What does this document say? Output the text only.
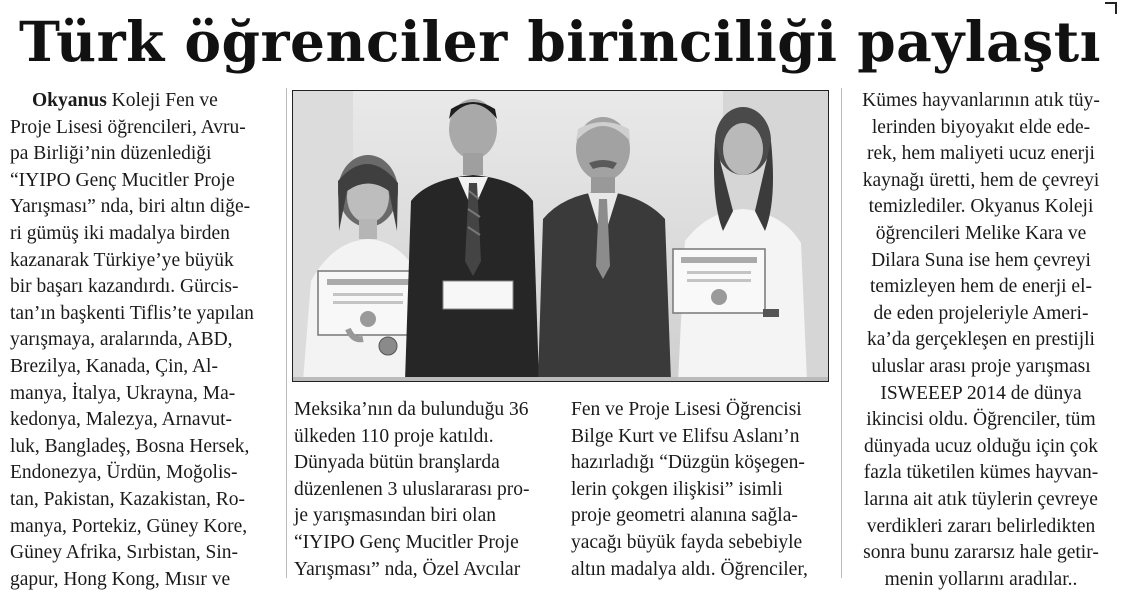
Türk öğrenciler birinciliği paylaştı
Okyanus Koleji Fen ve
Proje Lisesi öğrencileri, Avru-
pa Birliği’nin düzenlediği
“IYIPO Genç Mucitler Proje
Yarışması” nda, biri altın diğe-
ri gümüş iki madalya birden
kazanarak Türkiye’ye büyük
bir başarı kazandırdı. Gürcis-
tan’ın başkenti Tiflis’te yapılan
yarışmaya, aralarında, ABD,
Brezilya, Kanada, Çin, Al-
manya, İtalya, Ukrayna, Ma-
kedonya, Malezya, Arnavut-
luk, Bangladeş, Bosna Hersek,
Endonezya, Ürdün, Moğolis-
tan, Pakistan, Kazakistan, Ro-
manya, Portekiz, Güney Kore,
Güney Afrika, Sırbistan, Sin-
gapur, Hong Kong, Mısır ve
Meksika’nın da bulunduğu 36
ülkeden 110 proje katıldı.
Dünyada bütün branşlarda
düzenlenen 3 uluslararası pro-
je yarışmasından biri olan
“IYIPO Genç Mucitler Proje
Yarışması” nda, Özel Avcılar
Fen ve Proje Lisesi Öğrencisi
Bilge Kurt ve Elifsu Aslanı’n
hazırladığı “Düzgün köşegen-
lerin çokgen ilişkisi” isimli
proje geometri alanına sağla-
yacağı büyük fayda sebebiyle
altın madalya aldı. Öğrenciler,
Kümes hayvanlarının atık tüy-
lerinden biyoyakıt elde ede-
rek, hem maliyeti ucuz enerji
kaynağı üretti, hem de çevreyi
temizlediler. Okyanus Koleji
öğrencileri Melike Kara ve
Dilara Suna ise hem çevreyi
temizleyen hem de enerji el-
de eden projeleriyle Ameri-
ka’da gerçekleşen en prestijli
uluslar arası proje yarışması
ISWEEEP 2014 de dünya
ikincisi oldu. Öğrenciler, tüm
dünyada ucuz olduğu için çok
fazla tüketilen kümes hayvan-
larına ait atık tüylerin çevreye
verdikleri zararı belirledikten
sonra bunu zararsız hale getir-
menin yollarını aradılar..
